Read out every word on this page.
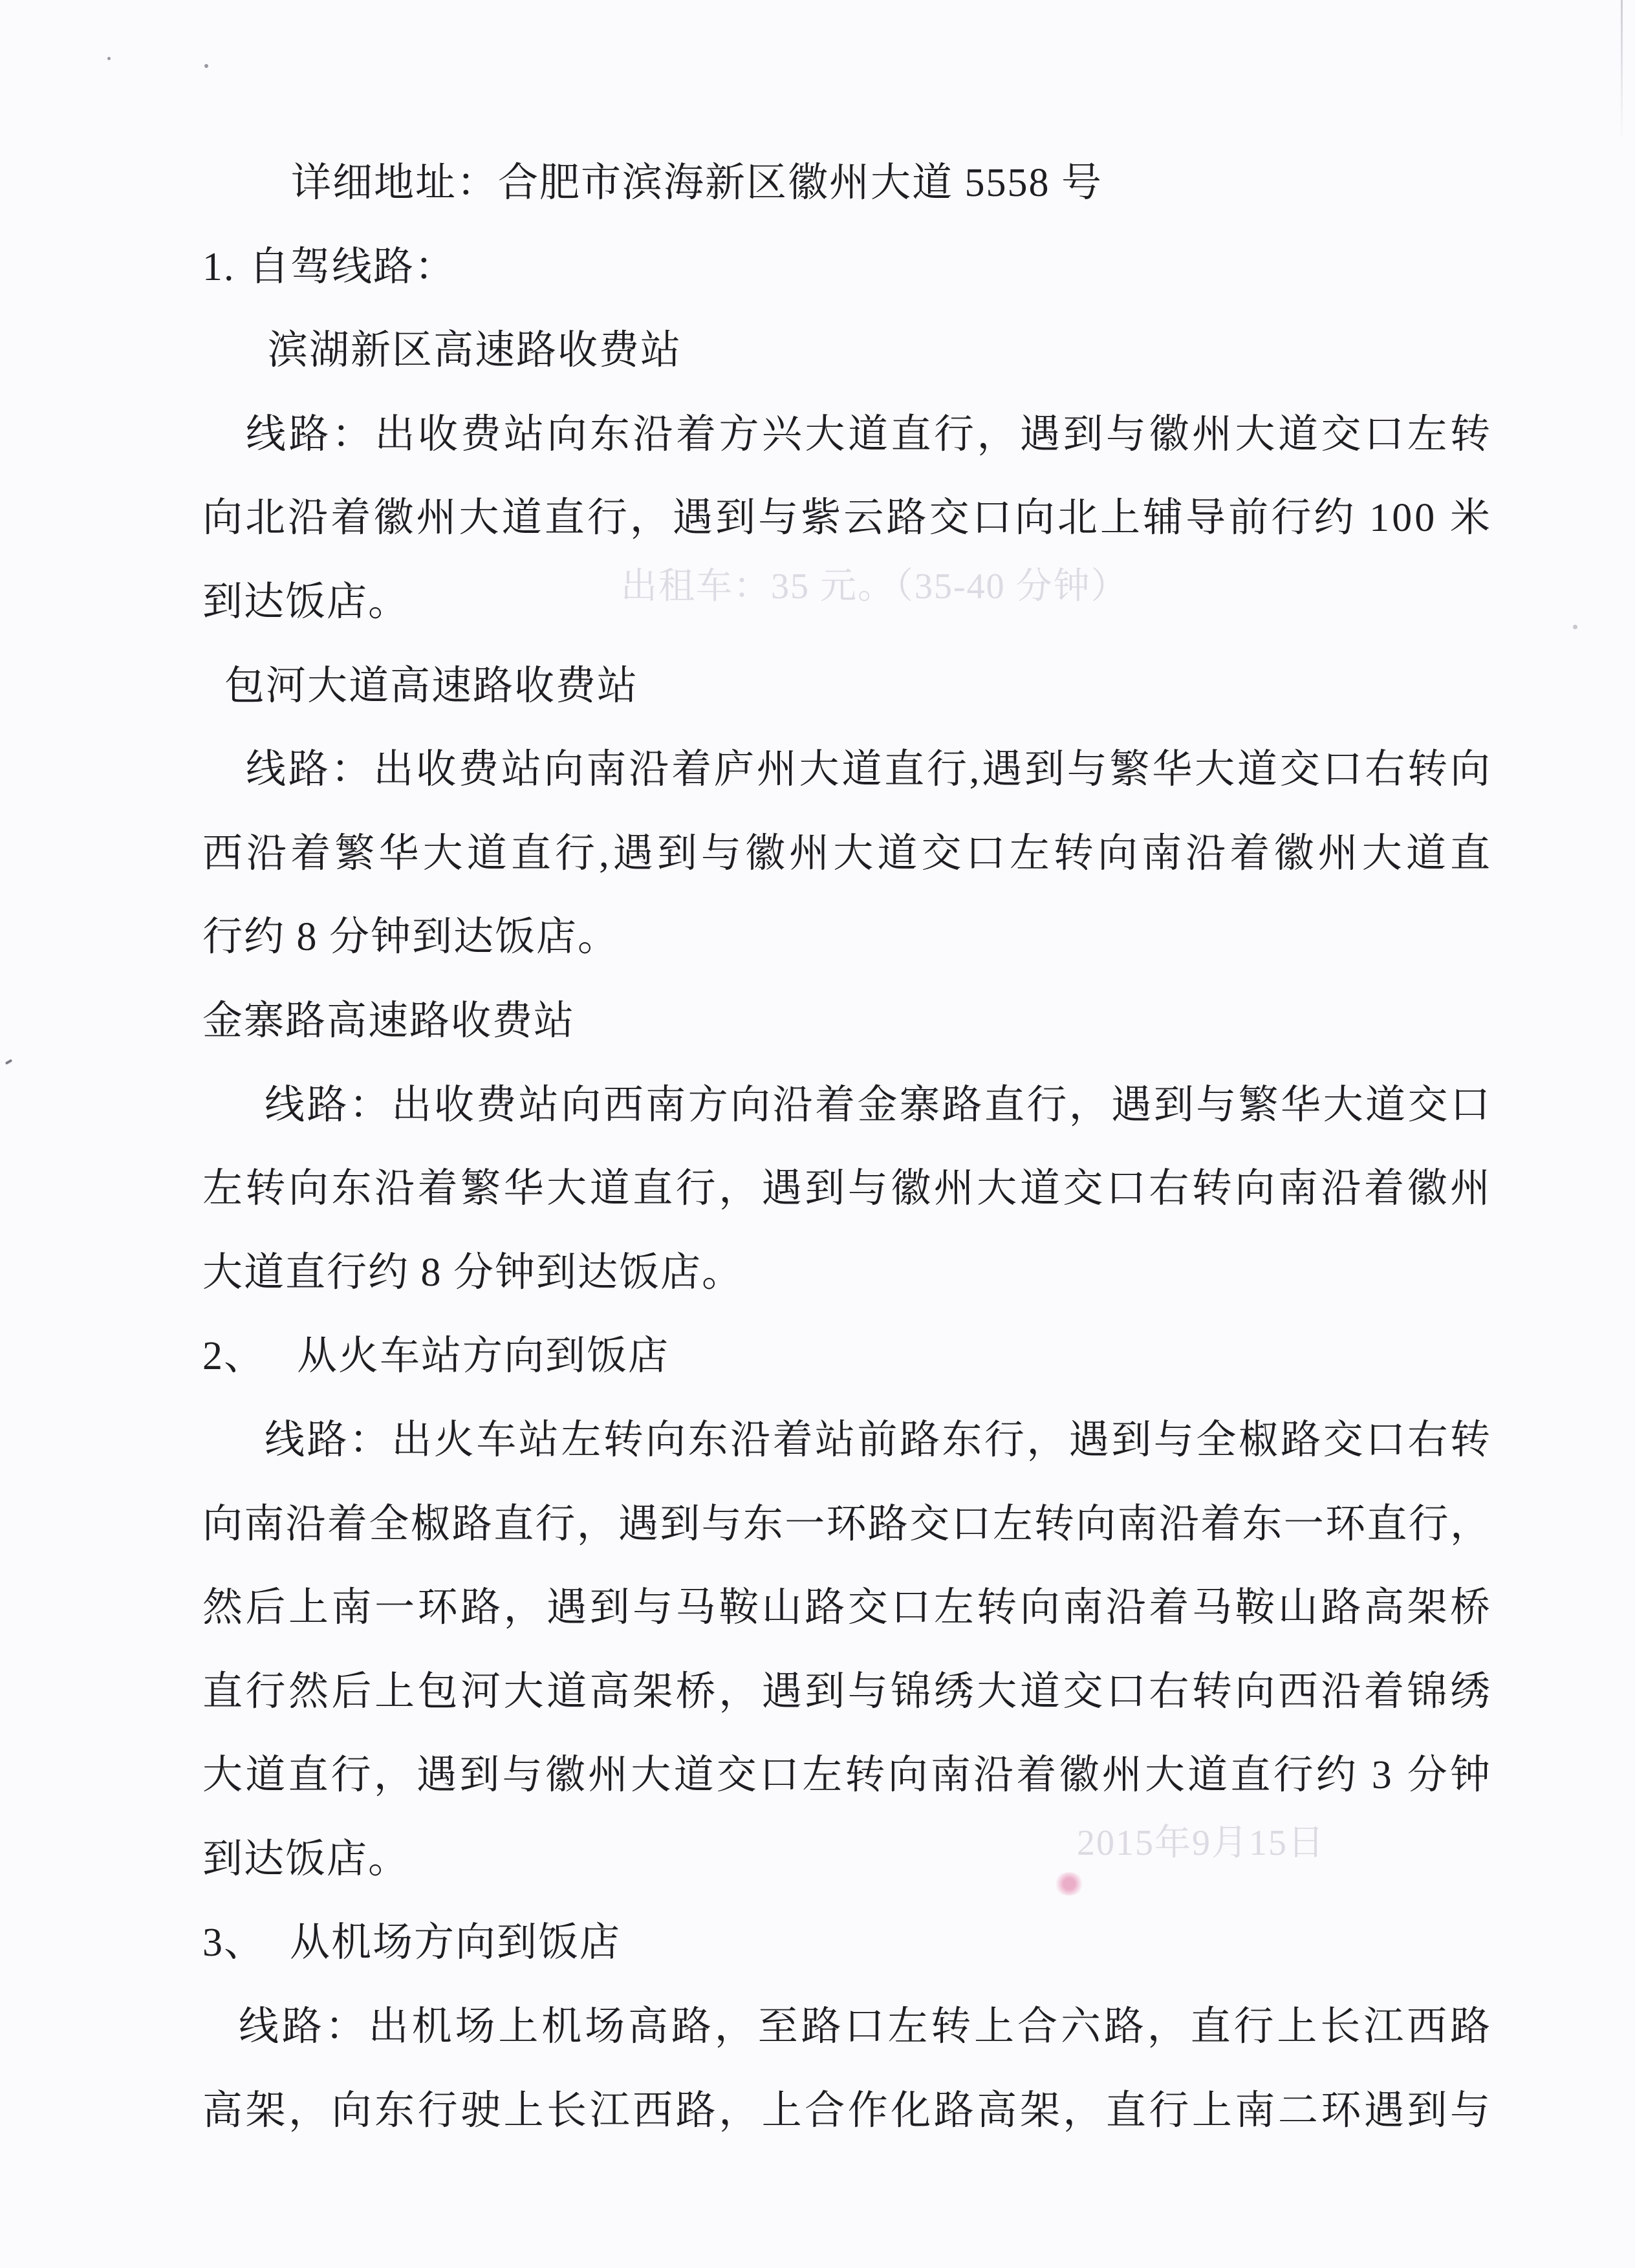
出租车：35 元。（35-40 分钟）
2015年9月15日
详细地址：合肥市滨海新区徽州大道 5558 号
1. 自驾线路：
滨湖新区高速路收费站
线路：出收费站向东沿着方兴大道直行，遇到与徽州大道交口左转
向北沿着徽州大道直行，遇到与紫云路交口向北上辅导前行约 100 米
到达饭店。
包河大道高速路收费站
线路：出收费站向南沿着庐州大道直行,遇到与繁华大道交口右转向
西沿着繁华大道直行,遇到与徽州大道交口左转向南沿着徽州大道直
行约 8 分钟到达饭店。
金寨路高速路收费站
线路：出收费站向西南方向沿着金寨路直行，遇到与繁华大道交口
左转向东沿着繁华大道直行，遇到与徽州大道交口右转向南沿着徽州
大道直行约 8 分钟到达饭店。
2、 从火车站方向到饭店
线路：出火车站左转向东沿着站前路东行，遇到与全椒路交口右转
向南沿着全椒路直行，遇到与东一环路交口左转向南沿着东一环直行，
然后上南一环路，遇到与马鞍山路交口左转向南沿着马鞍山路高架桥
直行然后上包河大道高架桥，遇到与锦绣大道交口右转向西沿着锦绣
大道直行，遇到与徽州大道交口左转向南沿着徽州大道直行约 3 分钟
到达饭店。
3、 从机场方向到饭店
线路：出机场上机场高路，至路口左转上合六路，直行上长江西路
高架，向东行驶上长江西路，上合作化路高架，直行上南二环遇到与
